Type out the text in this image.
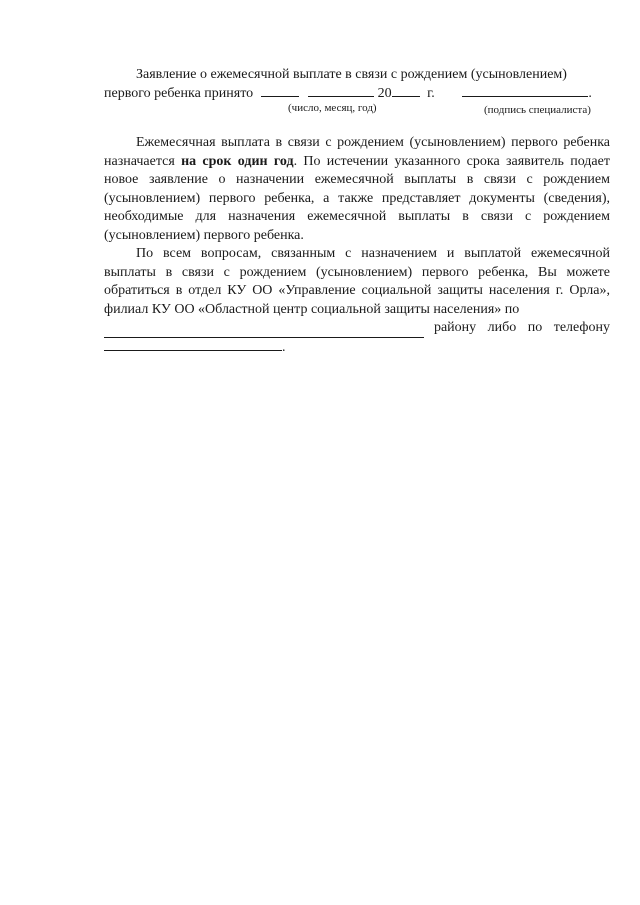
Заявление о ежемесячной выплате в связи с рождением (усыновлением)
первого ребенка принято	20	г.	.
(число, месяц, год)	(подпись специалиста)

Ежемесячная выплата в связи с рождением (усыновлением) первого ребенка назначается на срок один год. По истечении указанного срока заявитель подает новое заявление о назначении ежемесячной выплаты в связи с рождением (усыновлением) первого ребенка, а также представляет документы (сведения), необходимые для назначения ежемесячной выплаты в связи с рождением (усыновлением) первого ребенка.

По всем вопросам, связанным с назначением и выплатой ежемесячной выплаты в связи с рождением (усыновлением) первого ребенка, Вы можете обратиться в отдел КУ ОО «Управление социальной защиты населения г. Орла», филиал КУ ОО «Областной центр социальной защиты населения» по

району либо по телефону
.
